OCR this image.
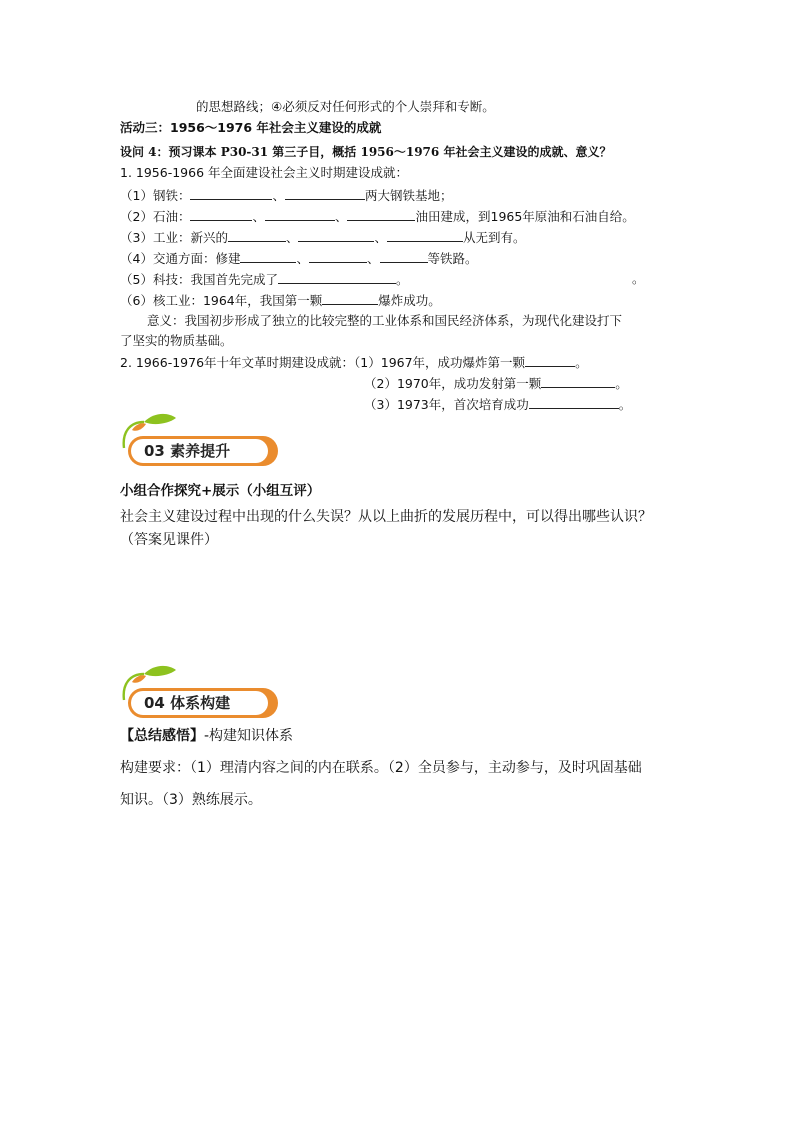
的思想路线；④必须反对任何形式的个人崇拜和专断。
活动三：1956～1976 年社会主义建设的成就
设问 4：预习课本 P30-31 第三子目，概括 1956～1976 年社会主义建设的成就、意义？
1. 1956-1966 年全面建设社会主义时期建设成就：
（1）钢铁：	、	两大钢铁基地；
（2）石油：	、	、	油田建成，到1965年原油和石油自给。
（3）工业：新兴的	、	、	从无到有。
（4）交通方面：修建	、	、	等铁路。
（5）科技：我国首先完成了	。	。
（6）核工业：1964年，我国第一颗	爆炸成功。
意义：我国初步形成了独立的比较完整的工业体系和国民经济体系，为现代化建设打下
了坚实的物质基础。
2. 1966-1976年十年文革时期建设成就：（1）1967年，成功爆炸第一颗	。
（2）1970年，成功发射第一颗	。
（3）1973年，首次培育成功	。
03 素养提升
小组合作探究+展示（小组互评）
社会主义建设过程中出现的什么失误？从以上曲折的发展历程中，可以得出哪些认识？
（答案见课件）
04 体系构建
【总结感悟】-构建知识体系
构建要求：（1）理清内容之间的内在联系。（2）全员参与，主动参与，及时巩固基础
知识。（3）熟练展示。
